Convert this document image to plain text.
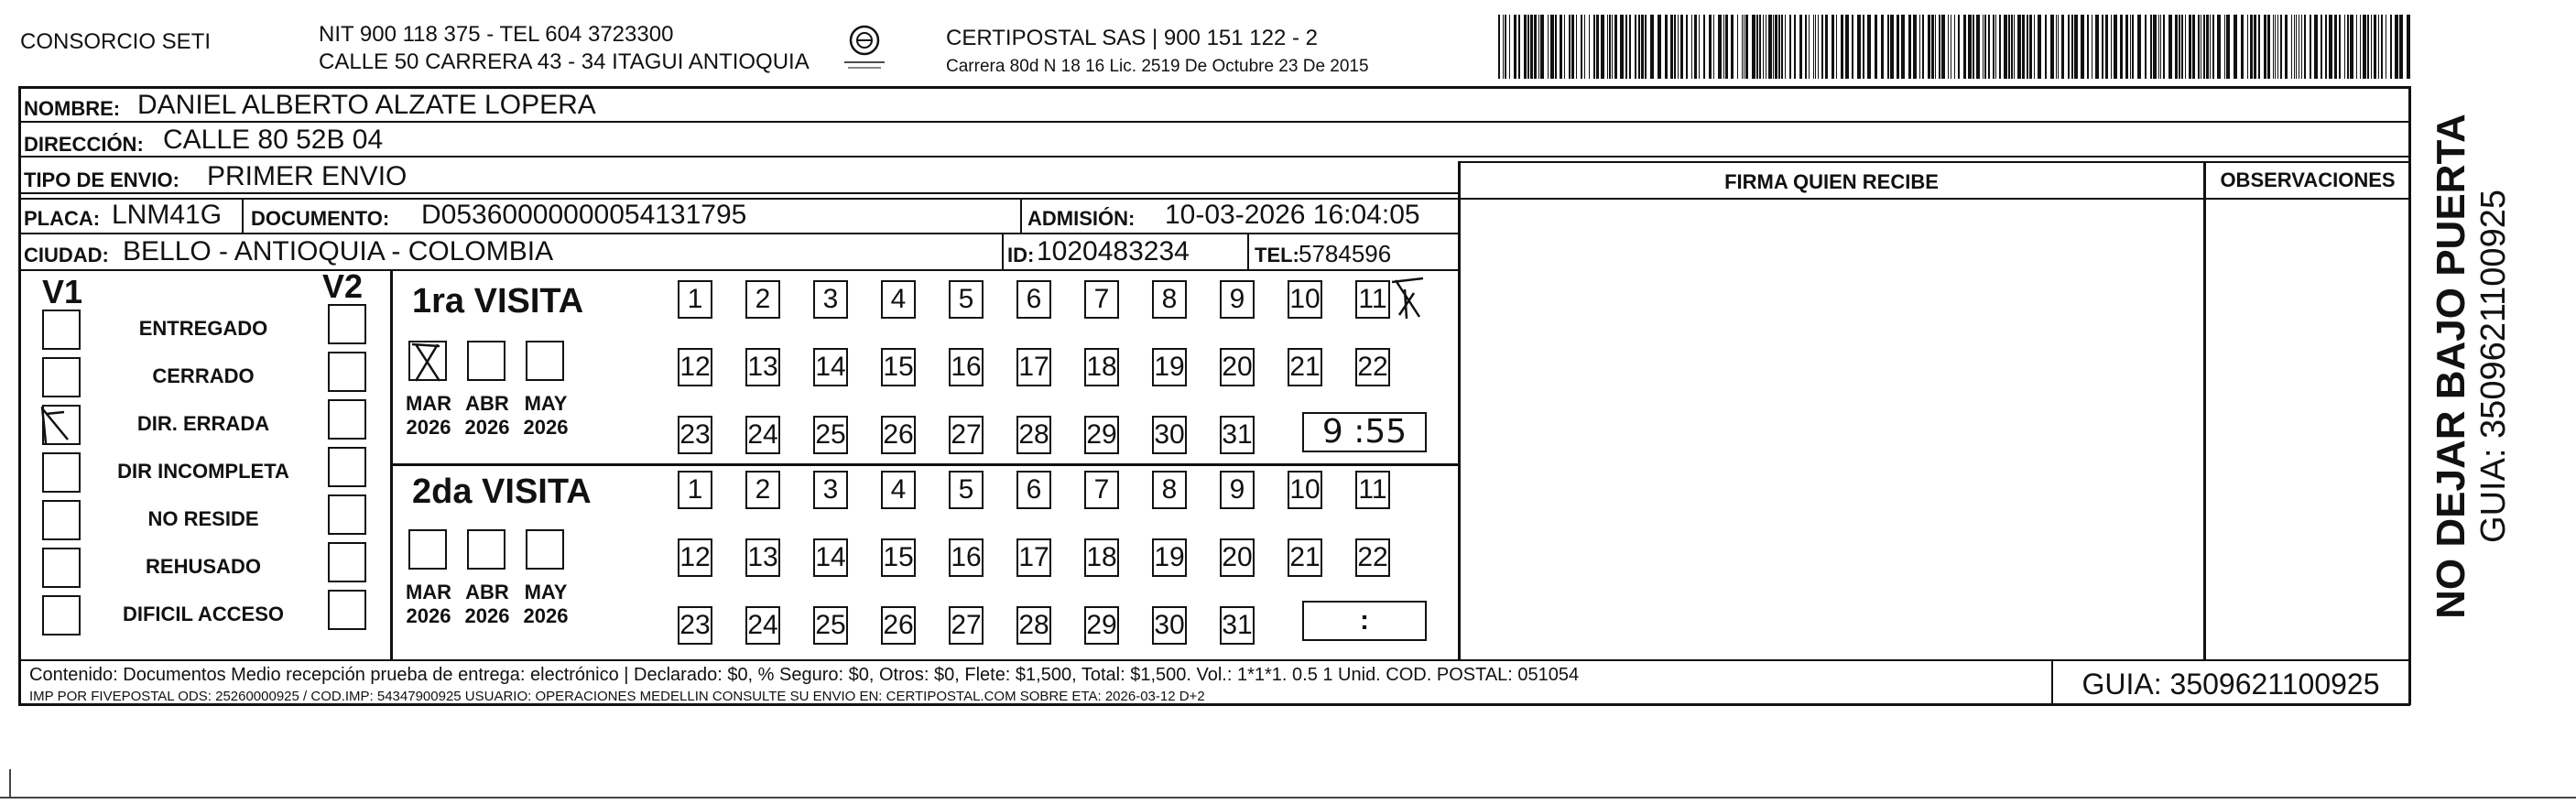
CONSORCIO SETI	NIT 900 118 375 - TEL 604 3723300
CALLE 50 CARRERA 43 - 34 ITAGUI ANTIOQUIA
CERTIPOSTAL SAS | 900 151 122 - 2
Carrera 80d N 18 16 Lic. 2519 De Octubre 23 De 2015
NOMBRE: DANIEL ALBERTO ALZATE LOPERA
DIRECCIÓN: CALLE 80 52B 04
TIPO DE ENVIO: PRIMER ENVIO
PLACA: LNM41G DOCUMENTO: D05360000000054131795	ADMISIÓN: 10-03-2026 16:04:05
CIUDAD: BELLO - ANTIOQUIA - COLOMBIA	ID: 1020483234	TEL: 5784596
FIRMA QUIEN RECIBE	OBSERVACIONES
V1	V2
ENTREGADO
CERRADO
DIR. ERRADA
DIR INCOMPLETA
NO RESIDE
REHUSADO
DIFICIL ACCESO
1ra VISITA
2da VISITA
MAR
2026
ABR
2026
MAY
2026
MAR
2026
ABR
2026
MAY
2026
1	2	3	4	5	6	7	8	9	10 11
12 13 14 15 16 17 18 19 20 21 22
23 24 25 26 27 28 29 30 31
1	2	3	4	5	6	7	8	9	10 11
12 13 14 15 16 17 18 19 20 21 22
23 24 25 26 27 28 29 30 31
9 :55
:
Contenido: Documentos Medio recepción prueba de entrega: electrónico | Declarado: $0, % Seguro: $0, Otros: $0, Flete: $1,500, Total: $1,500. Vol.: 1*1*1. 0.5 1 Unid. COD. POSTAL: 051054
IMP POR FIVEPOSTAL ODS: 25260000925 / COD.IMP: 54347900925 USUARIO: OPERACIONES MEDELLIN CONSULTE SU ENVIO EN: CERTIPOSTAL.COM SOBRE ETA: 2026-03-12 D+2	GUIA: 3509621100925
NO DEJAR BAJO PUERTA GUIA: 3509621100925
